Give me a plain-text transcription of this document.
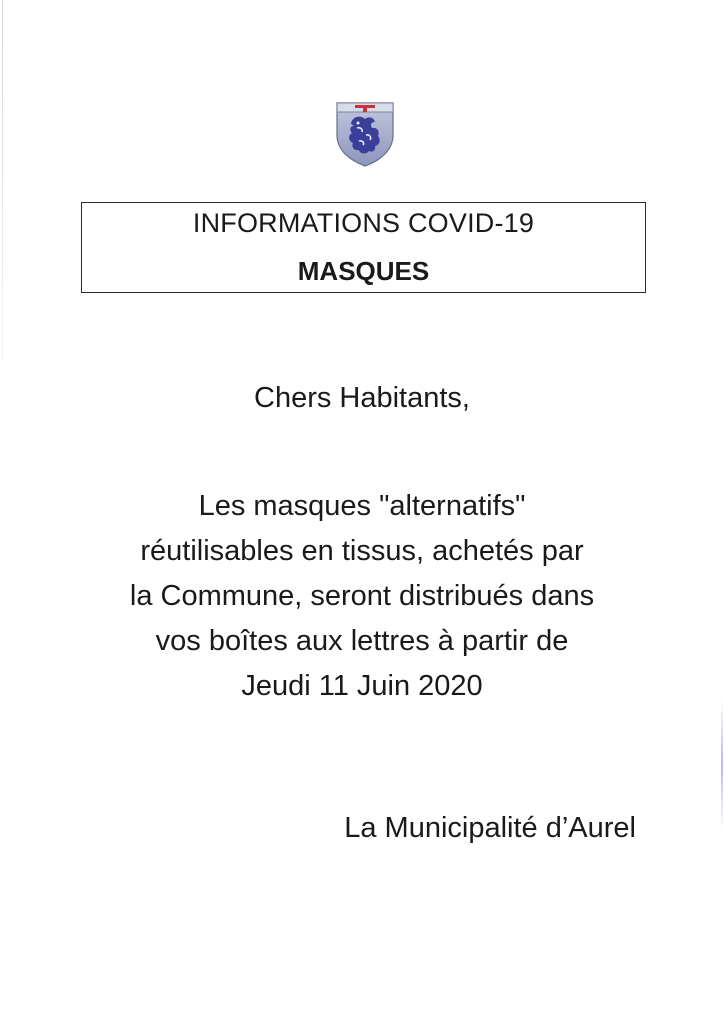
INFORMATIONS COVID-19
MASQUES
Chers Habitants,
Les masques "alternatifs"
réutilisables en tissus, achetés par
la Commune, seront distribués dans
vos boîtes aux lettres à partir de
Jeudi 11 Juin 2020
La Municipalité d’Aurel
